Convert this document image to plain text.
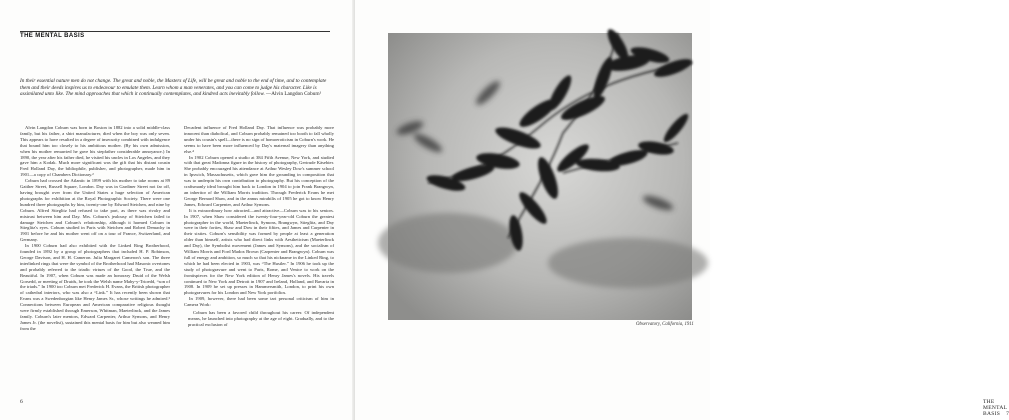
THE MENTAL BASIS
In their essential nature men do not change. The great and noble, the Masters of Life, will be great and noble to the end of time, and to contemplate them and their deeds inspires us to endeavour to emulate them. Learn whom a man venerates, and you can come to judge his character. Like is assimilated unto like. The mind approaches that which it continually contemplates, and kindred acts inevitably follow. —Alvin Langdon Coburn¹

Alvin Langdon Coburn was born in Boston in 1882 into a solid middle-class family, but his father, a shirt manufacturer, died when the boy was only seven. This appears to have resulted in a degree of insecurity combined with indulgence that bound him too closely to his ambitious mother. (By his own admission, when his mother remarried he gave his stepfather considerable annoyance.) In 1890, the year after his father died, he visited his uncles in Los Angeles, and they gave him a Kodak. Much more significant was the gift that his distant cousin Fred Holland Day, the bibliophile, publisher, and photographer, made him in 1901—a copy of Chambers Dictionary.²

Coburn had crossed the Atlantic in 1899 with his mother to take rooms at 89 Gaither Street, Russell Square, London. Day was in Gardiner Street not far off, having brought over from the United States a huge selection of American photographs for exhibition at the Royal Photographic Society. There were one hundred three photographs by him, twenty-one by Edward Steichen, and nine by Coburn. Alfred Stieglitz had refused to take part, as there was rivalry and mistrust between him and Day. Mrs. Coburn's jealousy of Stieichen failed to damage Steichen and Coburn's relationship, although it harmed Coburn in Stieglitz's eyes. Coburn studied in Paris with Steichen and Robert Demachy in 1901 before he and his mother went off on a tour of France, Switzerland, and Germany.

In 1900 Coburn had also exhibited with the Linked Ring Brotherhood, founded in 1892 by a group of photographers that included H. P. Robinson, George Davison, and H. H. Cameron. Julia Margaret Cameron's son. The three interlinked rings that were the symbol of the Brotherhood had Masonic overtones and probably referred to the triadic virtues of the Good, the True, and the Beautiful. In 1907, when Coburn was made an honorary Druid of the Welsh Gorsedd, or meeting of Druids, he took the Welsh name Maby-y-Trioedd, “son of the triads.” In 1900 too Coburn met Frederick H. Evans, the British photographer of cathedral interiors, who was also a “Link.” It has recently been shown that Evans was a Swedenborgian like Henry James Sr., whose writings he admired.³ Connections between European and American comparative religious thought were firmly established through Emerson, Whitman, Maeterlinck, and the James family. Coburn's later mentors, Edward Carpenter, Arthur Symons, and Henry James Jr. (the novelist), sustained this mental basis for him but also weaned him from the

Decadent influence of Fred Holland Day. That influence was probably more innocent than diabolical, and Coburn probably remained too booth to fall wholly under his cousin's spell—there is no sign of homoeroticism in Coburn's work. He seems to have been more influenced by Day's maternal imagery than anything else.⁴

In 1902 Coburn opened a studio at 384 Fifth Avenue, New York, and studied with that great Madonna figure in the history of photography, Gertrude Käsebier. She probably encouraged his attendance at Arthur Wesley Dow's summer school in Ipswich, Massachusetts, which gave him the grounding in composition that was to underpin his own contribution to photography. But his conception of the craftsmanly ideal brought him back to London in 1904 to join Frank Brangwyn, an inheritor of the William Morris tradition. Through Frederick Evans he met George Bernard Shaw, and in the annus mirabilis of 1905 he got to know Henry James, Edward Carpenter, and Arthur Symons.

It is extraordinary how attracted—and attractive—Coburn was to his seniors. In 1907, when Shaw considered the twenty-four-year-old Coburn the greatest photographer in the world, Maeterlinck, Symons, Brangwyn, Stieglitz, and Day were in their forties, Shaw and Dow in their fifties, and James and Carpenter in their sixties. Coburn's sensibility was formed by people at least a generation older than himself, artists who had direct links with Aestheticism (Maeterlinck and Day), the Symbolist movement (James and Symons), and the socialism of William Morris and Ford Madox Brown (Carpenter and Brangwyn). Coburn was full of energy and ambition, so much so that his nickname in the Linked Ring, to which he had been elected in 1903, was “The Hustler.” In 1906 he took up the study of photogravure and went to Paris, Rome, and Venice to work on the frontispieces for the New York edition of Henry James's novels. His travels continued to New York and Detroit in 1907 and Ireland, Holland, and Bavaria in 1908. In 1909 he set up presses in Hammersmith, London, to print his own photogravures for his London and New York portfolios.

In 1909, however, there had been some tart personal criticism of him in Camera Work:

Coburn has been a favored child throughout his career. Of independent means, he launched into photography at the age of eight. Gradually, and to the practical exclusion of

6	THE MENTAL BASIS 7
Observatory, California, 1911
